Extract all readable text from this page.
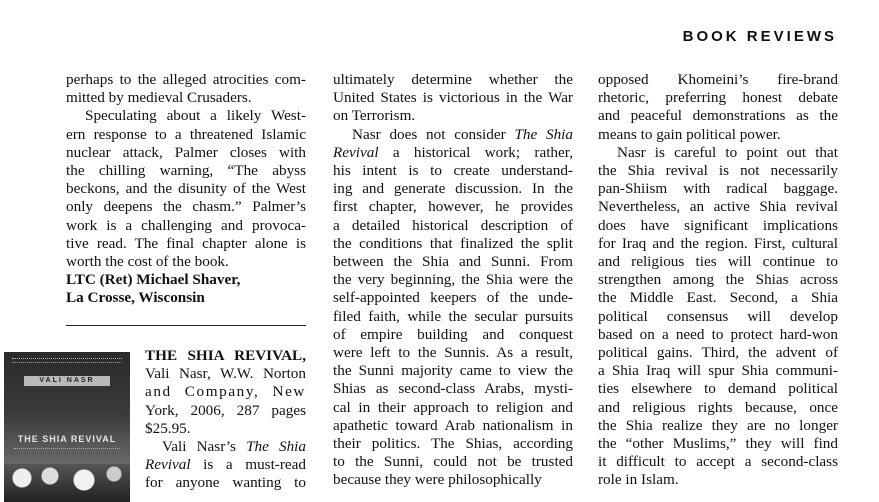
BOOK REVIEWS
perhaps to the alleged atrocities com-
mitted by medieval Crusaders.
Speculating about a likely West-
ern response to a threatened Islamic
nuclear attack, Palmer closes with
the chilling warning, “The abyss
beckons, and the disunity of the West
only deepens the chasm.” Palmer’s
work is a challenging and provoca-
tive read. The final chapter alone is
worth the cost of the book.
LTC (Ret) Michael Shaver,
La Crosse, Wisconsin
VALI NASR
THE SHIA REVIVAL
THE SHIA REVIVAL,
Vali Nasr, W.W. Norton
and Company, New
York, 2006, 287 pages
$25.95.
Vali Nasr’s The Shia
Revival is a must-read
for anyone wanting to
ultimately determine whether the
United States is victorious in the War
on Terrorism.
Nasr does not consider The Shia
Revival a historical work; rather,
his intent is to create understand-
ing and generate discussion. In the
first chapter, however, he provides
a detailed historical description of
the conditions that finalized the split
between the Shia and Sunni. From
the very beginning, the Shia were the
self-appointed keepers of the unde-
filed faith, while the secular pursuits
of empire building and conquest
were left to the Sunnis. As a result,
the Sunni majority came to view the
Shias as second-class Arabs, mysti-
cal in their approach to religion and
apathetic toward Arab nationalism in
their politics. The Shias, according
to the Sunni, could not be trusted
because they were philosophically
opposed Khomeini’s fire-brand
rhetoric, preferring honest debate
and peaceful demonstrations as the
means to gain political power.
Nasr is careful to point out that
the Shia revival is not necessarily
pan-Shiism with radical baggage.
Nevertheless, an active Shia revival
does have significant implications
for Iraq and the region. First, cultural
and religious ties will continue to
strengthen among the Shias across
the Middle East. Second, a Shia
political consensus will develop
based on a need to protect hard-won
political gains. Third, the advent of
a Shia Iraq will spur Shia communi-
ties elsewhere to demand political
and religious rights because, once
the Shia realize they are no longer
the “other Muslims,” they will find
it difficult to accept a second-class
role in Islam.
